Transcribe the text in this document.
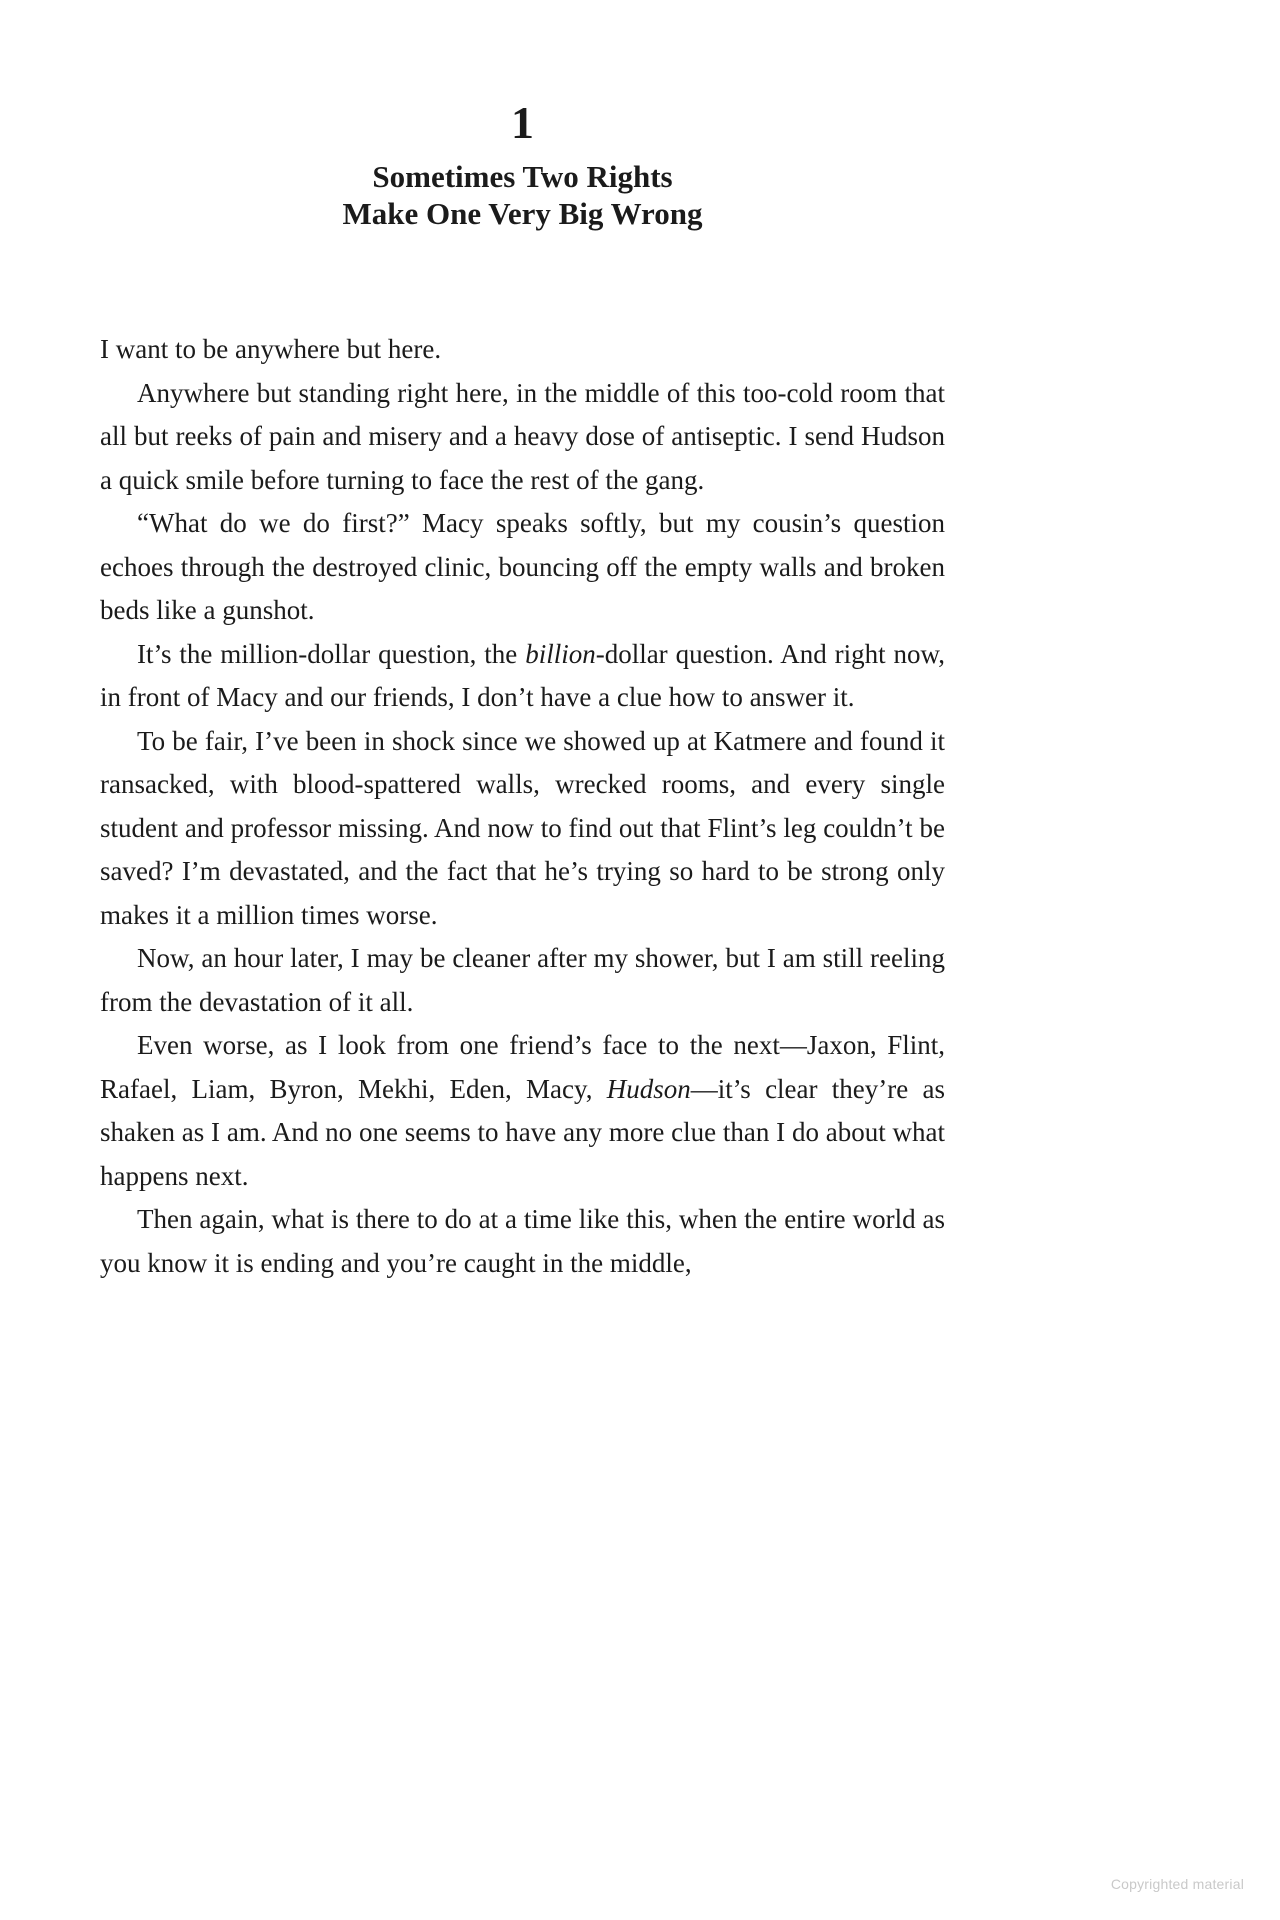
1
Sometimes Two Rights
Make One Very Big Wrong

I want to be anywhere but here.

Anywhere but standing right here, in the middle of this too-cold room that all but reeks of pain and misery and a heavy dose of antiseptic. I send Hudson a quick smile before turning to face the rest of the gang.

“What do we do first?” Macy speaks softly, but my cousin’s question echoes through the destroyed clinic, bouncing off the empty walls and broken beds like a gunshot.

It’s the million-dollar question, the billion-dollar question. And right now, in front of Macy and our friends, I don’t have a clue how to answer it.

To be fair, I’ve been in shock since we showed up at Katmere and found it ransacked, with blood-spattered walls, wrecked rooms, and every single student and professor missing. And now to find out that Flint’s leg couldn’t be saved? I’m devastated, and the fact that he’s trying so hard to be strong only makes it a million times worse.

Now, an hour later, I may be cleaner after my shower, but I am still reeling from the devastation of it all.

Even worse, as I look from one friend’s face to the next—Jaxon, Flint, Rafael, Liam, Byron, Mekhi, Eden, Macy, Hudson—it’s clear they’re as shaken as I am. And no one seems to have any more clue than I do about what happens next.

Then again, what is there to do at a time like this, when the entire world as you know it is ending and you’re caught in the middle,

Copyrighted material
